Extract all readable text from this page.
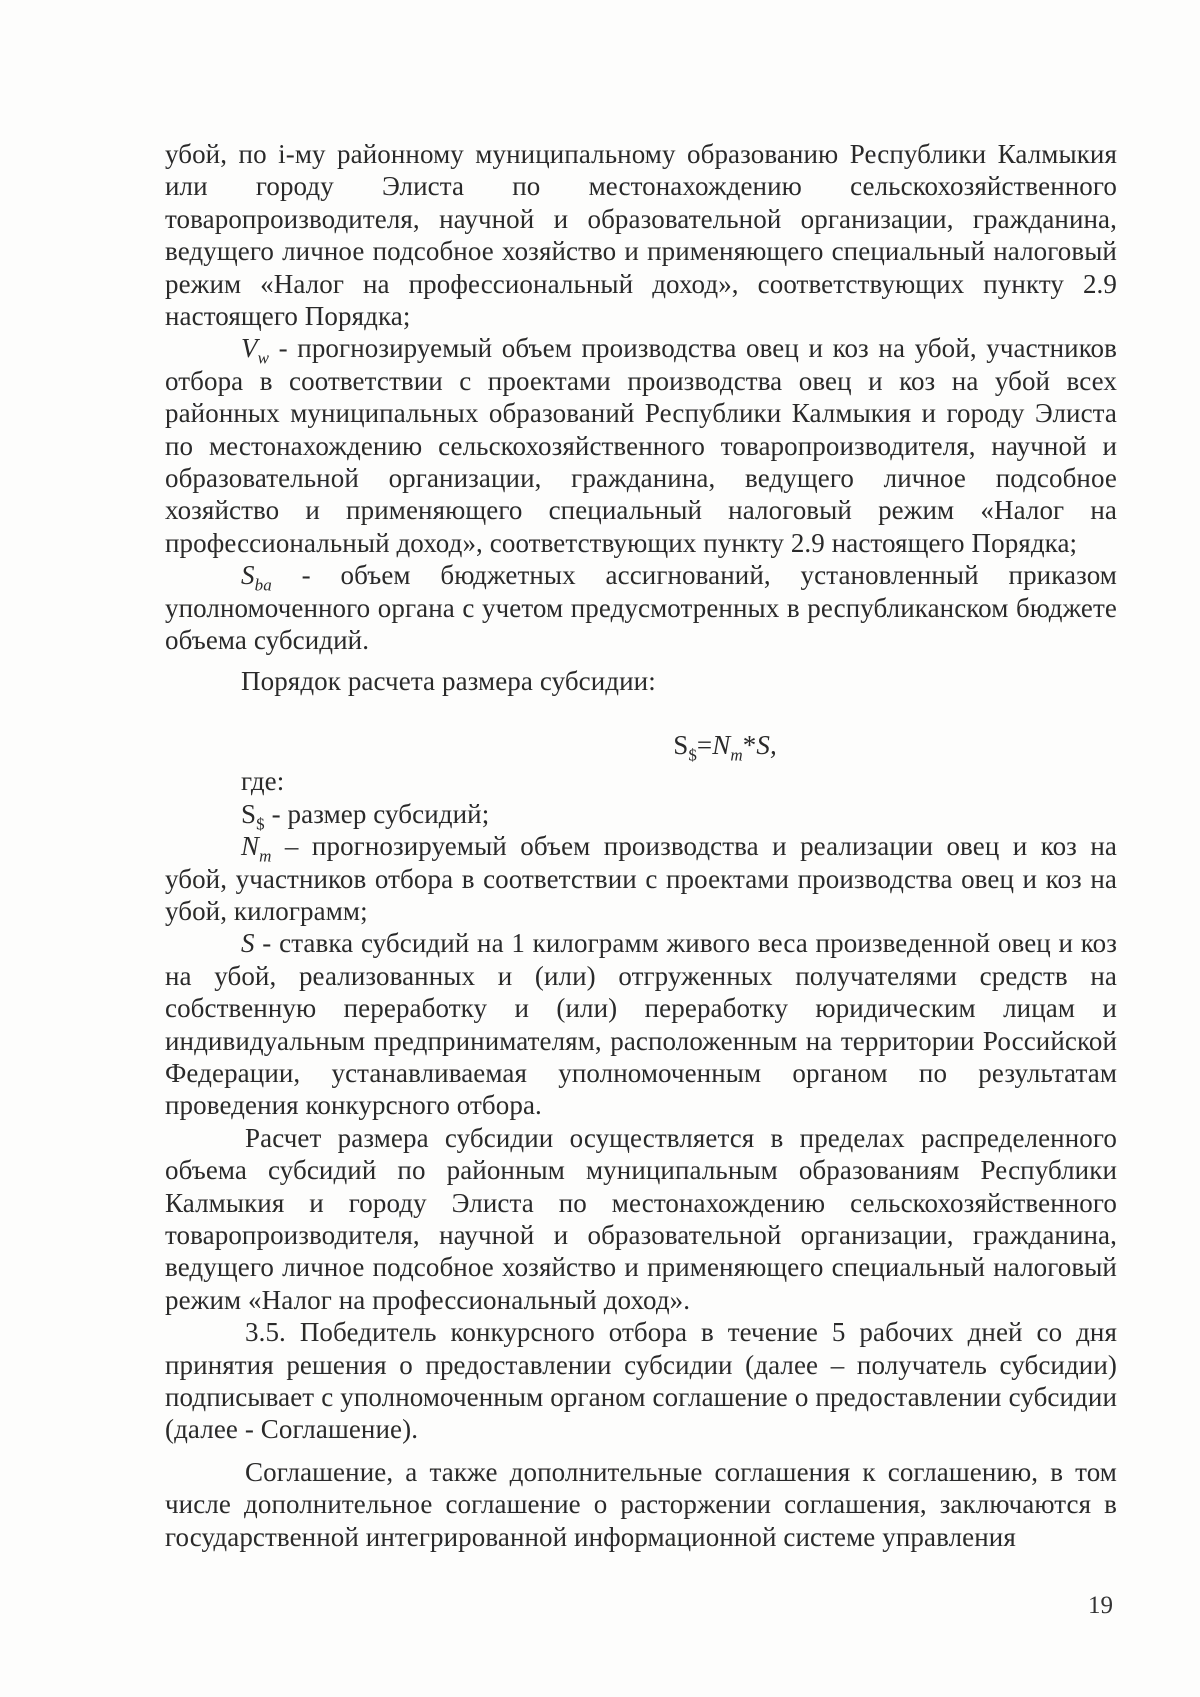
убой, по i-му районному муниципальному образованию Республики Калмыкия или городу Элиста по местонахождению сельскохозяйственного товаропроизводителя, научной и образовательной организации, гражданина, ведущего личное подсобное хозяйство и применяющего специальный налоговый режим «Налог на профессиональный доход», соответствующих пункту 2.9 настоящего Порядка;

$V_w$ - прогнозируемый объем производства овец и коз на убой, участников отбора в соответствии с проектами производства овец и коз на убой всех районных муниципальных образований Республики Калмыкия и городу Элиста по местонахождению сельскохозяйственного товаропроизводителя, научной и образовательной организации, гражданина, ведущего личное подсобное хозяйство и применяющего специальный налоговый режим «Налог на профессиональный доход», соответствующих пункту 2.9 настоящего Порядка;

$S_{ba}$ - объем бюджетных ассигнований, установленный приказом уполномоченного органа с учетом предусмотренных в республиканском бюджете объема субсидий.

Порядок расчета размера субсидии:

$S_{\$}=N_m*S$,

где:

$S_{\$}$ - размер субсидий;

$N_m$ – прогнозируемый объем производства и реализации овец и коз на убой, участников отбора в соответствии с проектами производства овец и коз на убой, килограмм;

S - ставка субсидий на 1 килограмм живого веса произведенной овец и коз на убой, реализованных и (или) отгруженных получателями средств на собственную переработку и (или) переработку юридическим лицам и индивидуальным предпринимателям, расположенным на территории Российской Федерации, устанавливаемая уполномоченным органом по результатам проведения конкурсного отбора.

Расчет размера субсидии осуществляется в пределах распределенного объема субсидий по районным муниципальным образованиям Республики Калмыкия и городу Элиста по местонахождению сельскохозяйственного товаропроизводителя, научной и образовательной организации, гражданина, ведущего личное подсобное хозяйство и применяющего специальный налоговый режим «Налог на профессиональный доход».

3.5. Победитель конкурсного отбора в течение 5 рабочих дней со дня принятия решения о предоставлении субсидии (далее – получатель субсидии) подписывает с уполномоченным органом соглашение о предоставлении субсидии (далее - Соглашение).

Соглашение, а также дополнительные соглашения к соглашению, в том числе дополнительное соглашение о расторжении соглашения, заключаются в государственной интегрированной информационной системе управления

19
